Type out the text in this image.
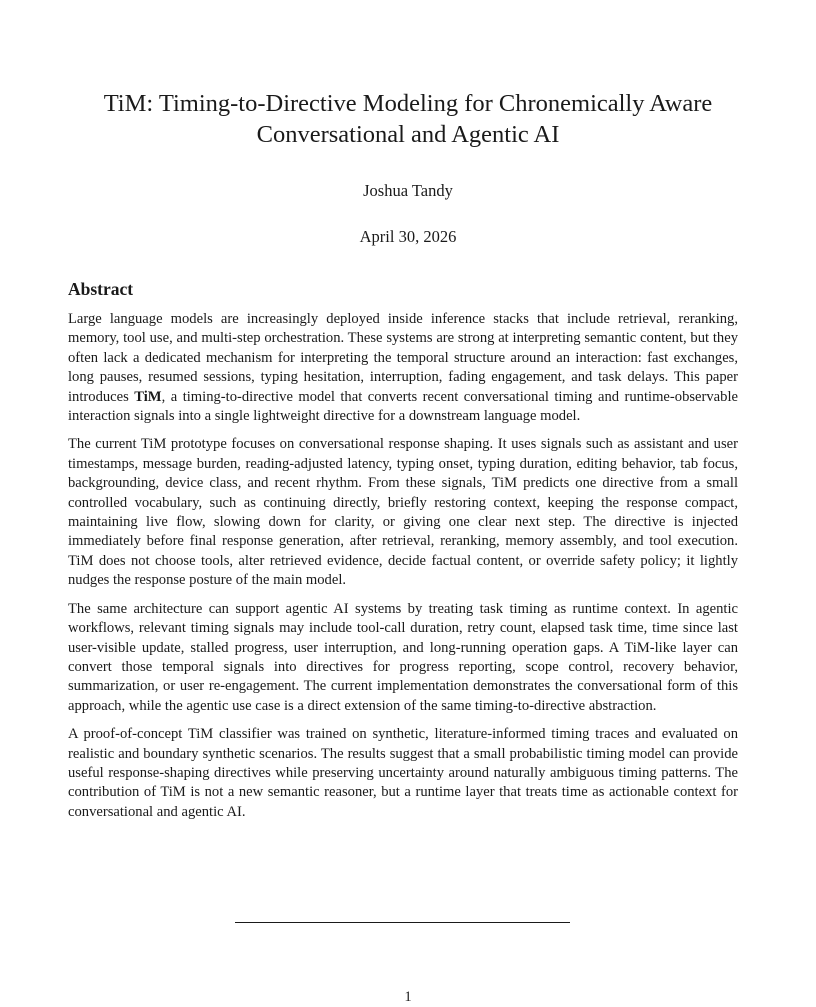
TiM: Timing-to-Directive Modeling for Chronemically Aware
Conversational and Agentic AI

Joshua Tandy

April 30, 2026

Abstract

Large language models are increasingly deployed inside inference stacks that include retrieval, reranking, memory, tool use, and multi-step orchestration. These systems are strong at interpreting semantic content, but they often lack a dedicated mechanism for interpreting the temporal structure around an interaction: fast exchanges, long pauses, resumed sessions, typing hesitation, interruption, fading engagement, and task delays. This paper introduces TiM, a timing-to-directive model that converts recent conversational timing and runtime-observable interaction signals into a single lightweight directive for a downstream language model.

The current TiM prototype focuses on conversational response shaping. It uses signals such as assistant and user timestamps, message burden, reading-adjusted latency, typing onset, typing duration, editing behavior, tab focus, backgrounding, device class, and recent rhythm. From these signals, TiM predicts one directive from a small controlled vocabulary, such as continuing directly, briefly restoring context, keeping the response compact, maintaining live flow, slowing down for clarity, or giving one clear next step. The directive is injected immediately before final response generation, after retrieval, reranking, memory assembly, and tool execution. TiM does not choose tools, alter retrieved evidence, decide factual content, or override safety policy; it lightly nudges the response posture of the main model.

The same architecture can support agentic AI systems by treating task timing as runtime context. In agentic workflows, relevant timing signals may include tool-call duration, retry count, elapsed task time, time since last user-visible update, stalled progress, user interruption, and long-running operation gaps. A TiM-like layer can convert those temporal signals into directives for progress reporting, scope control, recovery behavior, summarization, or user re-engagement. The current implementation demonstrates the conversational form of this approach, while the agentic use case is a direct extension of the same timing-to-directive abstraction.

A proof-of-concept TiM classifier was trained on synthetic, literature-informed timing traces and evaluated on realistic and boundary synthetic scenarios. The results suggest that a small probabilistic timing model can provide useful response-shaping directives while preserving uncertainty around naturally ambiguous timing patterns. The contribution of TiM is not a new semantic reasoner, but a runtime layer that treats time as actionable context for conversational and agentic AI.

1
